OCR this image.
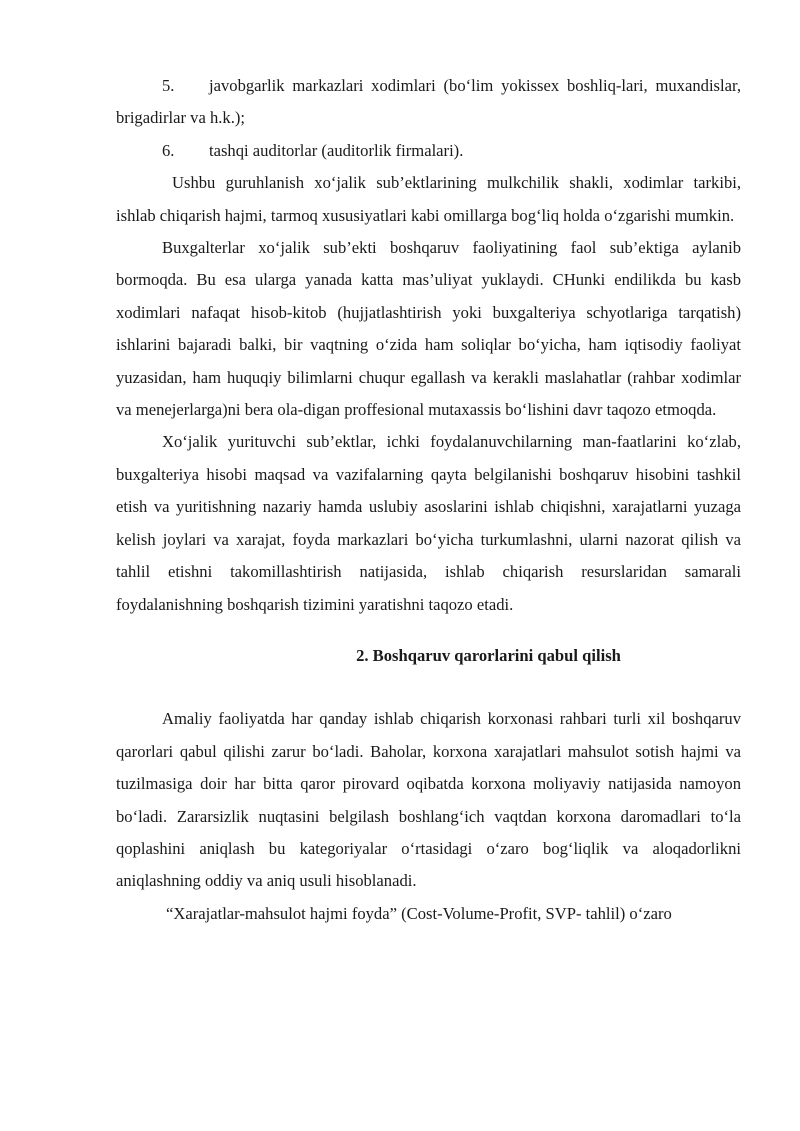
5. javobgarlik markazlari xodimlari (bo‘lim yokissex boshliq-lari, muxandislar, brigadirlar va h.k.);

6. tashqi auditorlar (auditorlik firmalari).

Ushbu guruhlanish xo‘jalik sub’ektlarining mulkchilik shakli, xodimlar tarkibi, ishlab chiqarish hajmi, tarmoq xususiyatlari kabi omillarga bog‘liq holda o‘zgarishi mumkin.

Buxgalterlar xo‘jalik sub’ekti boshqaruv faoliyatining faol sub’ektiga aylanib bormoqda. Bu esa ularga yanada katta mas’uliyat yuklaydi. CHunki endilikda bu kasb xodimlari nafaqat hisob-kitob (hujjatlashtirish yoki buxgalteriya schyotlariga tarqatish) ishlarini bajaradi balki, bir vaqtning o‘zida ham soliqlar bo‘yicha, ham iqtisodiy faoliyat yuzasidan, ham huquqiy bilimlarni chuqur egallash va kerakli maslahatlar (rahbar xodimlar va menejerlarga)ni bera ola-digan proffesional mutaxassis bo‘lishini davr taqozo etmoqda.

Xo‘jalik yurituvchi sub’ektlar, ichki foydalanuvchilarning man-faatlarini ko‘zlab, buxgalteriya hisobi maqsad va vazifalarning qayta belgilanishi boshqaruv hisobini tashkil etish va yuritishning nazariy hamda uslubiy asoslarini ishlab chiqishni, xarajatlarni yuzaga kelish joylari va xarajat, foyda markazlari bo‘yicha turkumlashni, ularni nazorat qilish va tahlil etishni takomillashtirish natijasida, ishlab chiqarish resurslaridan samarali foydalanishning boshqarish tizimini yaratishni taqozo etadi.

2. Boshqaruv qarorlarini qabul qilish

Amaliy faoliyatda har qanday ishlab chiqarish korxonasi rahbari turli xil boshqaruv qarorlari qabul qilishi zarur bo‘ladi. Baholar, korxona xarajatlari mahsulot sotish hajmi va tuzilmasiga doir har bitta qaror pirovard oqibatda korxona moliyaviy natijasida namoyon bo‘ladi. Zararsizlik nuqtasini belgilash boshlang‘ich vaqtdan korxona daromadlari to‘la qoplashini aniqlash bu kategoriyalar o‘rtasidagi o‘zaro bog‘liqlik va aloqadorlikni aniqlashning oddiy va aniq usuli hisoblanadi.

“Xarajatlar-mahsulot hajmi foyda” (Cost-Volume-Profit, SVP- tahlil) o‘zaro
